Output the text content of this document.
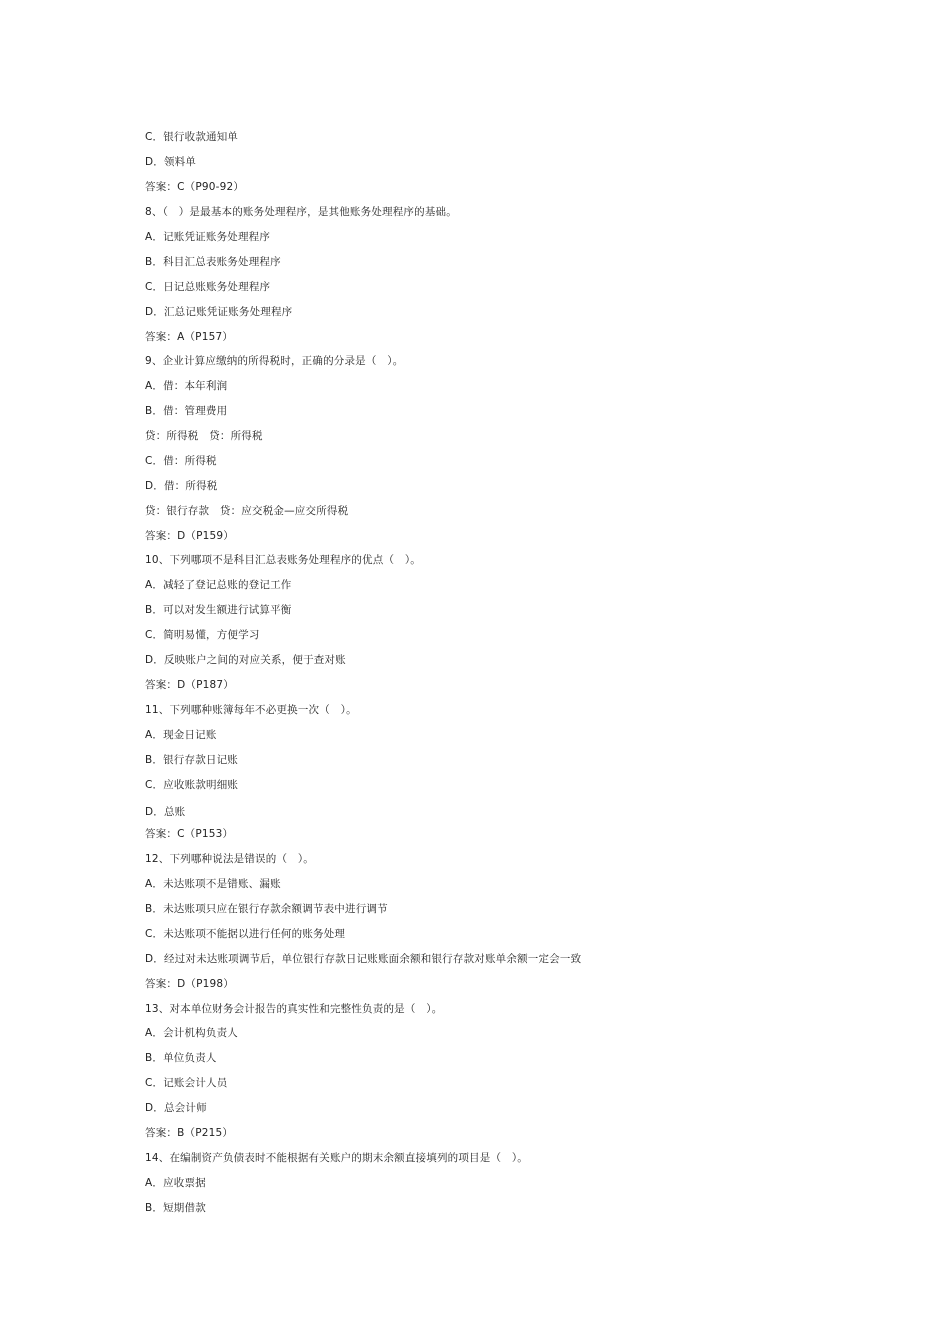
C．银行收款通知单
D．领料单
答案：C（P90-92）
8、（　）是最基本的账务处理程序，是其他账务处理程序的基础。
A．记账凭证账务处理程序
B．科目汇总表账务处理程序
C．日记总账账务处理程序
D．汇总记账凭证账务处理程序
答案：A（P157）
9、企业计算应缴纳的所得税时，正确的分录是（　）。
A．借：本年利润
B．借：管理费用
贷：所得税　贷：所得税
C．借：所得税
D．借：所得税
贷：银行存款　贷：应交税金—应交所得税
答案：D（P159）
10、下列哪项不是科目汇总表账务处理程序的优点（　）。
A．减轻了登记总账的登记工作
B．可以对发生额进行试算平衡
C．简明易懂，方便学习
D．反映账户之间的对应关系，便于查对账
答案：D（P187）
11、下列哪种账簿每年不必更换一次（　）。
A．现金日记账
B．银行存款日记账
C．应收账款明细账
D．总账
答案：C（P153）
12、下列哪种说法是错误的（　）。
A．未达账项不是错账、漏账
B．未达账项只应在银行存款余额调节表中进行调节
C．未达账项不能据以进行任何的账务处理
D．经过对未达账项调节后，单位银行存款日记账账面余额和银行存款对账单余额一定会一致
答案：D（P198）
13、对本单位财务会计报告的真实性和完整性负责的是（　）。
A．会计机构负责人
B．单位负责人
C．记账会计人员
D．总会计师
答案：B（P215）
14、在编制资产负债表时不能根据有关账户的期末余额直接填列的项目是（　）。
A．应收票据
B．短期借款
